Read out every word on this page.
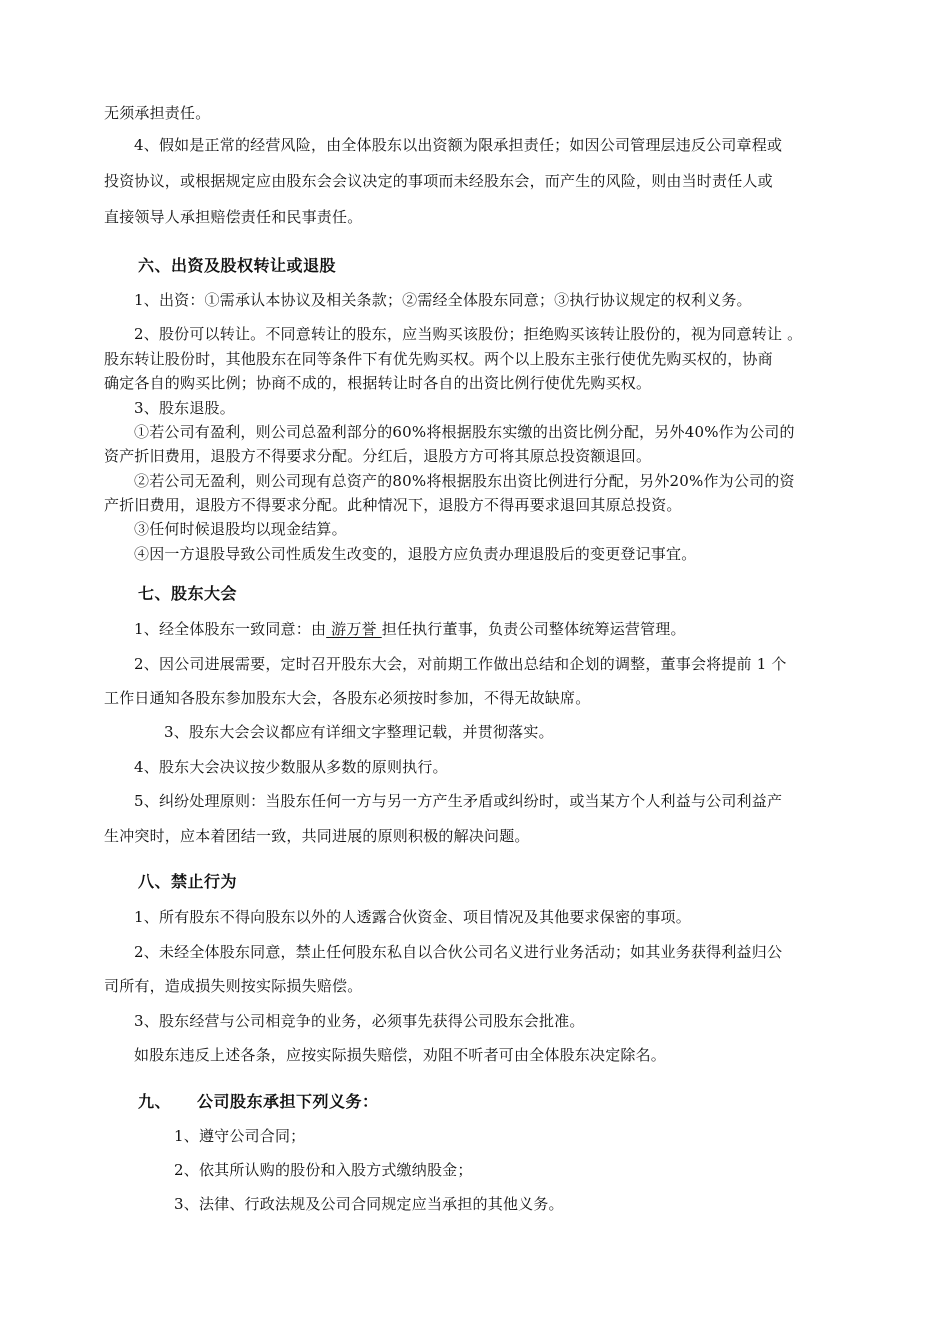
无须承担责任。
4、假如是正常的经营风险，由全体股东以出资额为限承担责任；如因公司管理层违反公司章程或
投资协议，或根据规定应由股东会会议决定的事项而未经股东会，而产生的风险，则由当时责任人或
直接领导人承担赔偿责任和民事责任。
六、出资及股权转让或退股
1、出资：①需承认本协议及相关条款；②需经全体股东同意；③执行协议规定的权利义务。
2、股份可以转让。不同意转让的股东，应当购买该股份；拒绝购买该转让股份的，视为同意转让 。
股东转让股份时，其他股东在同等条件下有优先购买权。两个以上股东主张行使优先购买权的，协商
确定各自的购买比例；协商不成的，根据转让时各自的出资比例行使优先购买权。
3、股东退股。
①若公司有盈利，则公司总盈利部分的60%将根据股东实缴的出资比例分配，另外40%作为公司的
资产折旧费用，退股方不得要求分配。分红后，退股方方可将其原总投资额退回。
②若公司无盈利，则公司现有总资产的80%将根据股东出资比例进行分配，另外20%作为公司的资
产折旧费用，退股方不得要求分配。此种情况下，退股方不得再要求退回其原总投资。
③任何时候退股均以现金结算。
④因一方退股导致公司性质发生改变的，退股方应负责办理退股后的变更登记事宜。
七、股东大会
1、经全体股东一致同意：由 游万誉 担任执行董事，负责公司整体统筹运营管理。
2、因公司进展需要，定时召开股东大会，对前期工作做出总结和企划的调整，董事会将提前 1 个
工作日通知各股东参加股东大会，各股东必须按时参加，不得无故缺席。
3、股东大会会议都应有详细文字整理记载，并贯彻落实。
4、股东大会决议按少数服从多数的原则执行。
5、纠纷处理原则：当股东任何一方与另一方产生矛盾或纠纷时，或当某方个人利益与公司利益产
生冲突时，应本着团结一致，共同进展的原则积极的解决问题。
八、禁止行为
1、所有股东不得向股东以外的人透露合伙资金、项目情况及其他要求保密的事项。
2、未经全体股东同意，禁止任何股东私自以合伙公司名义进行业务活动；如其业务获得利益归公
司所有，造成损失则按实际损失赔偿。
3、股东经营与公司相竞争的业务，必须事先获得公司股东会批准。
如股东违反上述各条，应按实际损失赔偿，劝阻不听者可由全体股东决定除名。
九、 公司股东承担下列义务：
1、遵守公司合同；
2、依其所认购的股份和入股方式缴纳股金；
3、法律、行政法规及公司合同规定应当承担的其他义务。
